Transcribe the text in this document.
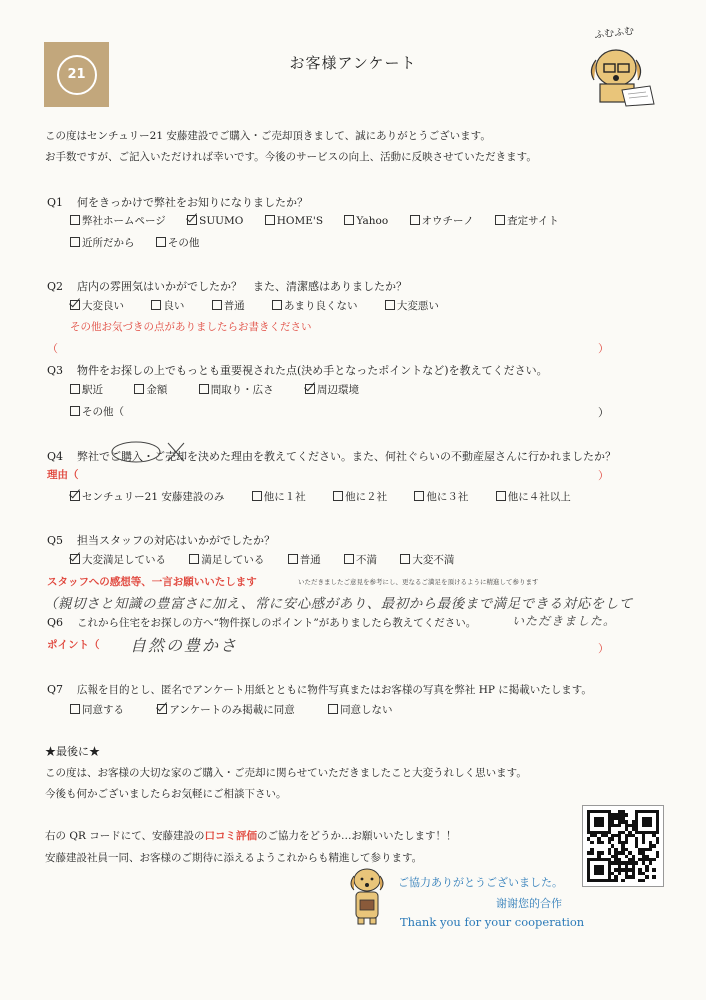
21
お客様アンケート
ふむふむ
この度はセンチュリー21 安藤建設でご購入・ご売却頂きまして、誠にありがとうございます。
お手数ですが、ご記入いただければ幸いです。今後のサービスの向上、活動に反映させていただきます。
Q1 何をきっかけで弊社をお知りになりましたか？
弊社ホームページ	SUUMO	HOME'S	Yahoo	オウチーノ	査定サイト
近所だから	その他
Q2 店内の雰囲気はいかがでしたか？　また、清潔感はありましたか？
大変良い	良い	普通	あまり良くない	大変悪い
その他お気づきの点がありましたらお書きください
（	）
Q3 物件をお探しの上でもっとも重要視された点(決め手となったポイントなど)を教えてください。
駅近	金額	間取り・広さ	周辺環境
その他（	）
Q4 弊社でご購入・ご売却を決めた理由を教えてください。また、何社ぐらいの不動産屋さんに行かれましたか？
理由（	）
センチュリー21 安藤建設のみ	他に１社	他に２社	他に３社	他に４社以上
Q5 担当スタッフの対応はいかがでしたか？
大変満足している	満足している	普通	不満	大変不満
スタッフへの感想等、一言お願いいたします	いただきましたご意見を参考にし、更なるご満足を頂けるように精進して参ります
（親切さと知識の豊富さに加え、常に安心感があり、最初から最後まで満足できる対応をして
いただきました。
Q6 これから住宅をお探しの方へ“物件探しのポイント”がありましたら教えてください。
ポイント（ 自然の豊かさ	）
Q7 広報を目的とし、匿名でアンケート用紙とともに物件写真またはお客様の写真を弊社 HP に掲載いたします。
同意する	アンケートのみ掲載に同意	同意しない
★最後に★
この度は、お客様の大切な家のご購入・ご売却に関らせていただきましたこと大変うれしく思います。
今後も何かございましたらお気軽にご相談下さい。
右の QR コードにて、安藤建設の口コミ評価のご協力をどうか…お願いいたします！！
安藤建設社員一同、お客様のご期待に添えるようこれからも精進して参ります。
ご協力ありがとうございました。
谢谢您的合作
Thank you for your cooperation
